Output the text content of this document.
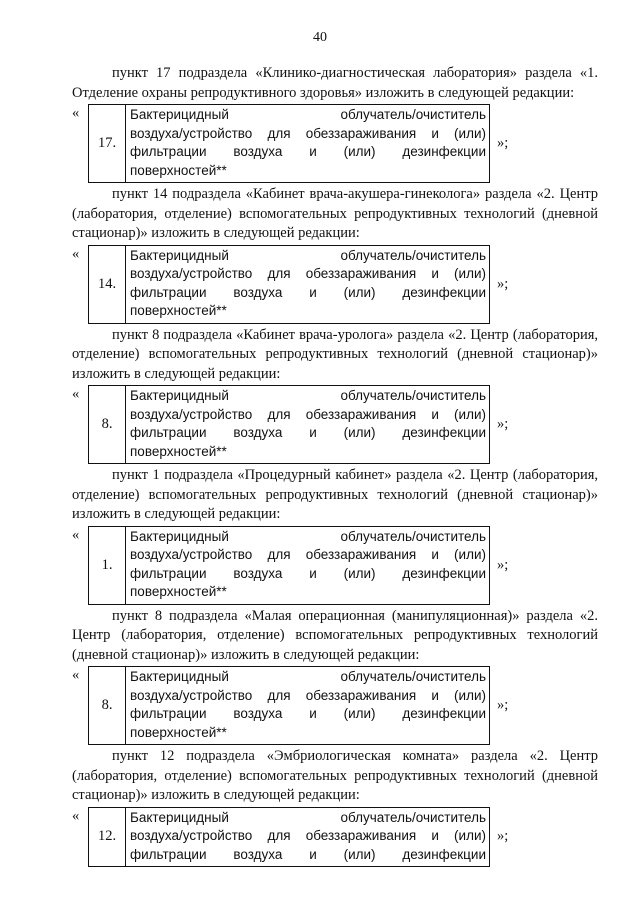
40

пункт 17 подраздела «Клинико-диагностическая лаборатория» раздела «1. Отделение охраны репродуктивного здоровья» изложить в следующей редакции:

«
17.	
Бактерицидный облучатель/очиститель
воздуха/устройство для обеззараживания и (или)
фильтрации воздуха и (или) дезинфекции
поверхностей**
»;

пункт 14 подраздела «Кабинет врача-акушера-гинеколога» раздела «2. Центр (лаборатория, отделение) вспомогательных репродуктивных технологий (дневной стационар)» изложить в следующей редакции:

«
14.	
Бактерицидный облучатель/очиститель
воздуха/устройство для обеззараживания и (или)
фильтрации воздуха и (или) дезинфекции
поверхностей**
»;

пункт 8 подраздела «Кабинет врача-уролога» раздела «2. Центр (лаборатория, отделение) вспомогательных репродуктивных технологий (дневной стационар)» изложить в следующей редакции:

«
8.	
Бактерицидный облучатель/очиститель
воздуха/устройство для обеззараживания и (или)
фильтрации воздуха и (или) дезинфекции
поверхностей**
»;

пункт 1 подраздела «Процедурный кабинет» раздела «2. Центр (лаборатория, отделение) вспомогательных репродуктивных технологий (дневной стационар)» изложить в следующей редакции:

«
1.	
Бактерицидный облучатель/очиститель
воздуха/устройство для обеззараживания и (или)
фильтрации воздуха и (или) дезинфекции
поверхностей**
»;

пункт 8 подраздела «Малая операционная (манипуляционная)» раздела «2. Центр (лаборатория, отделение) вспомогательных репродуктивных технологий (дневной стационар)» изложить в следующей редакции:

«
8.	
Бактерицидный облучатель/очиститель
воздуха/устройство для обеззараживания и (или)
фильтрации воздуха и (или) дезинфекции
поверхностей**
»;

пункт 12 подраздела «Эмбриологическая комната» раздела «2. Центр (лаборатория, отделение) вспомогательных репродуктивных технологий (дневной стационар)» изложить в следующей редакции:

«
12.	
Бактерицидный облучатель/очиститель
воздуха/устройство для обеззараживания и (или)
фильтрации воздуха и (или) дезинфекции
»;
